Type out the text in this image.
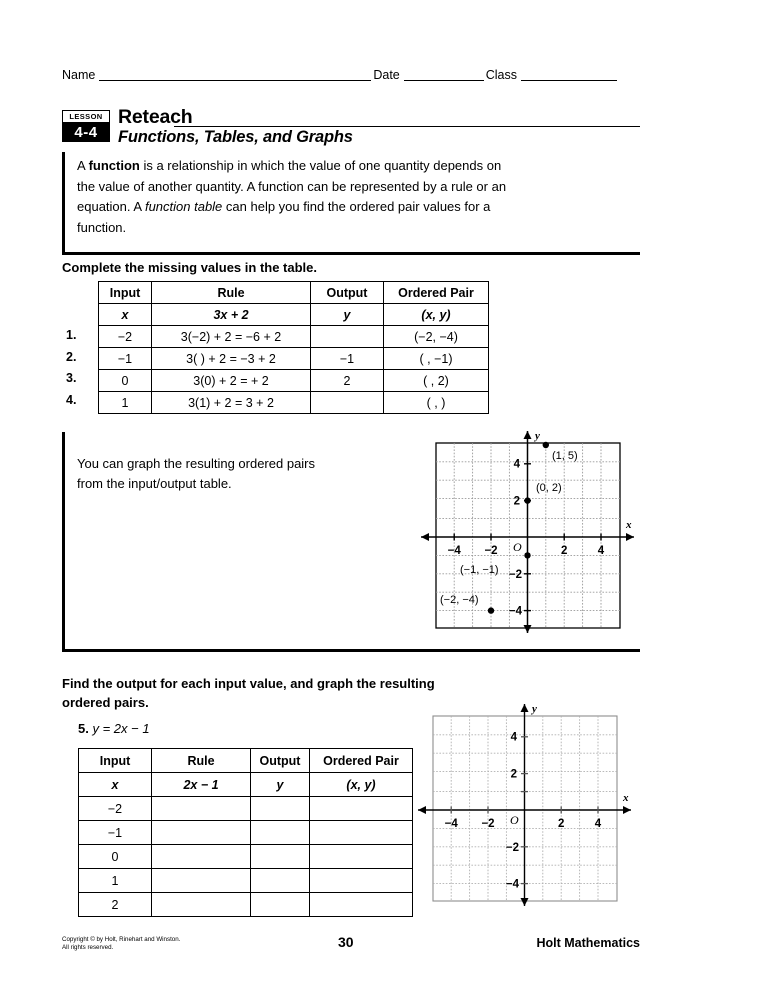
Name	Date	Class
LESSON
4-4
Reteach
Functions, Tables, and Graphs

A function is a relationship in which the value of one quantity depends on the value of another quantity. A function can be represented by a rule or an equation. A function table can help you find the ordered pair values for a function.

Complete the missing values in the table.
1.
2.
3.
4.
Input	Rule	Output	Ordered Pair
x	3x + 2	y	(x, y)
−2	3(−2) + 2 = −6 + 2		(−2, −4)
−1	3( ) + 2 = −3 + 2	−1	( , −1)
0	3(0) + 2 = + 2	2	( , 2)
1	3(1) + 2 = 3 + 2		( , )
You can graph the resulting ordered pairs
from the input/output table.
x
y
O
−4 −2	2	4
4
2
−2
−4
(1, 5)
(0, 2)
(−1, −1)
(−2, −4)
Find the output for each input value, and graph the resulting
ordered pairs.
5. y = 2x − 1
Input	Rule	Output	Ordered Pair
x	2x − 1	y	(x, y)
−2			
−1			
0			
1			
2			
x
y
O
−4 −2	2	4
4
2
−2
−4
Copyright © by Holt, Rinehart and Winston.
All rights reserved.	30	Holt Mathematics
